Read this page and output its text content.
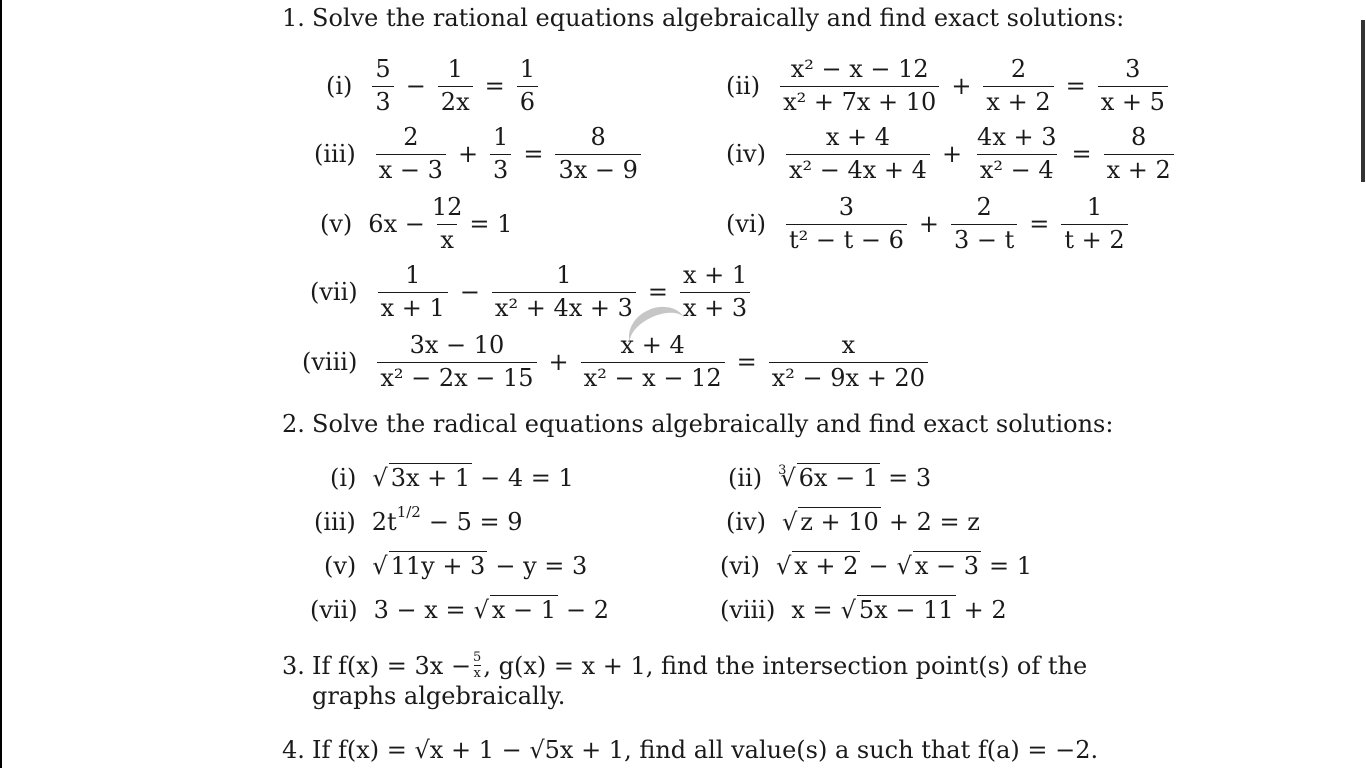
1. Solve the rational equations algebraically and find exact solutions:
$(i) \frac{5}{3} - \frac{1}{2x} = \frac{1}{6}$	$(ii) \frac{\text{x² − x − 12}}{\text{x² + 7x + 10}} + \frac{2}{x + 2} = \frac{3}{x + 5}$
$(iii) \frac{2}{x - 3} + \frac{1}{3} = \frac{8}{3x - 9}$	$(iv) \frac{x + 4}{\text{x² − 4x + 4}} + \frac{4x + 3}{\text{x² − 4}} = \frac{8}{x + 2}$
(v) $6x - \frac{12}{x} = 1$	$(vi) \frac{3}{\text{t² − t − 6}} + \frac{2}{3 - t} = \frac{1}{t + 2}$
$(vii) \frac{1}{x + 1} - \frac{1}{\text{x² + 4x + 3}} = \frac{x + 1}{x + 3}$
(viii) $\frac{3x - 10}{\text{x² − 2x − 15}} + \frac{x + 4}{\text{x² − x − 12}} = \frac{x}{\text{x² − 9x + 20}}$
2. Solve the radical equations algebraically and find exact solutions:
(i)	√ 3x + 1 − 4 = 1	(ii) $^3$ √ 6x − 1 = 3
(iii) $2t^{1/2} - 5 = 9$	(iv)	√ z + 10 + 2 = z
(v)	√ 11y + 3 − y = 3	(vi)	√ x + 2 −	√ x − 3 = 1
(vii) 3 − x =	√ x − 1 − 2	(viii) x =	√ 5x − 11 + 2
3. If $f(x) = 3x - \frac{5}{x}$ , g(x) = x + 1, find the intersection point(s) of the
graphs algebraically.
4. If f(x) = √x + 1 − √5x + 1, find all value(s) a such that f(a) = −2.
